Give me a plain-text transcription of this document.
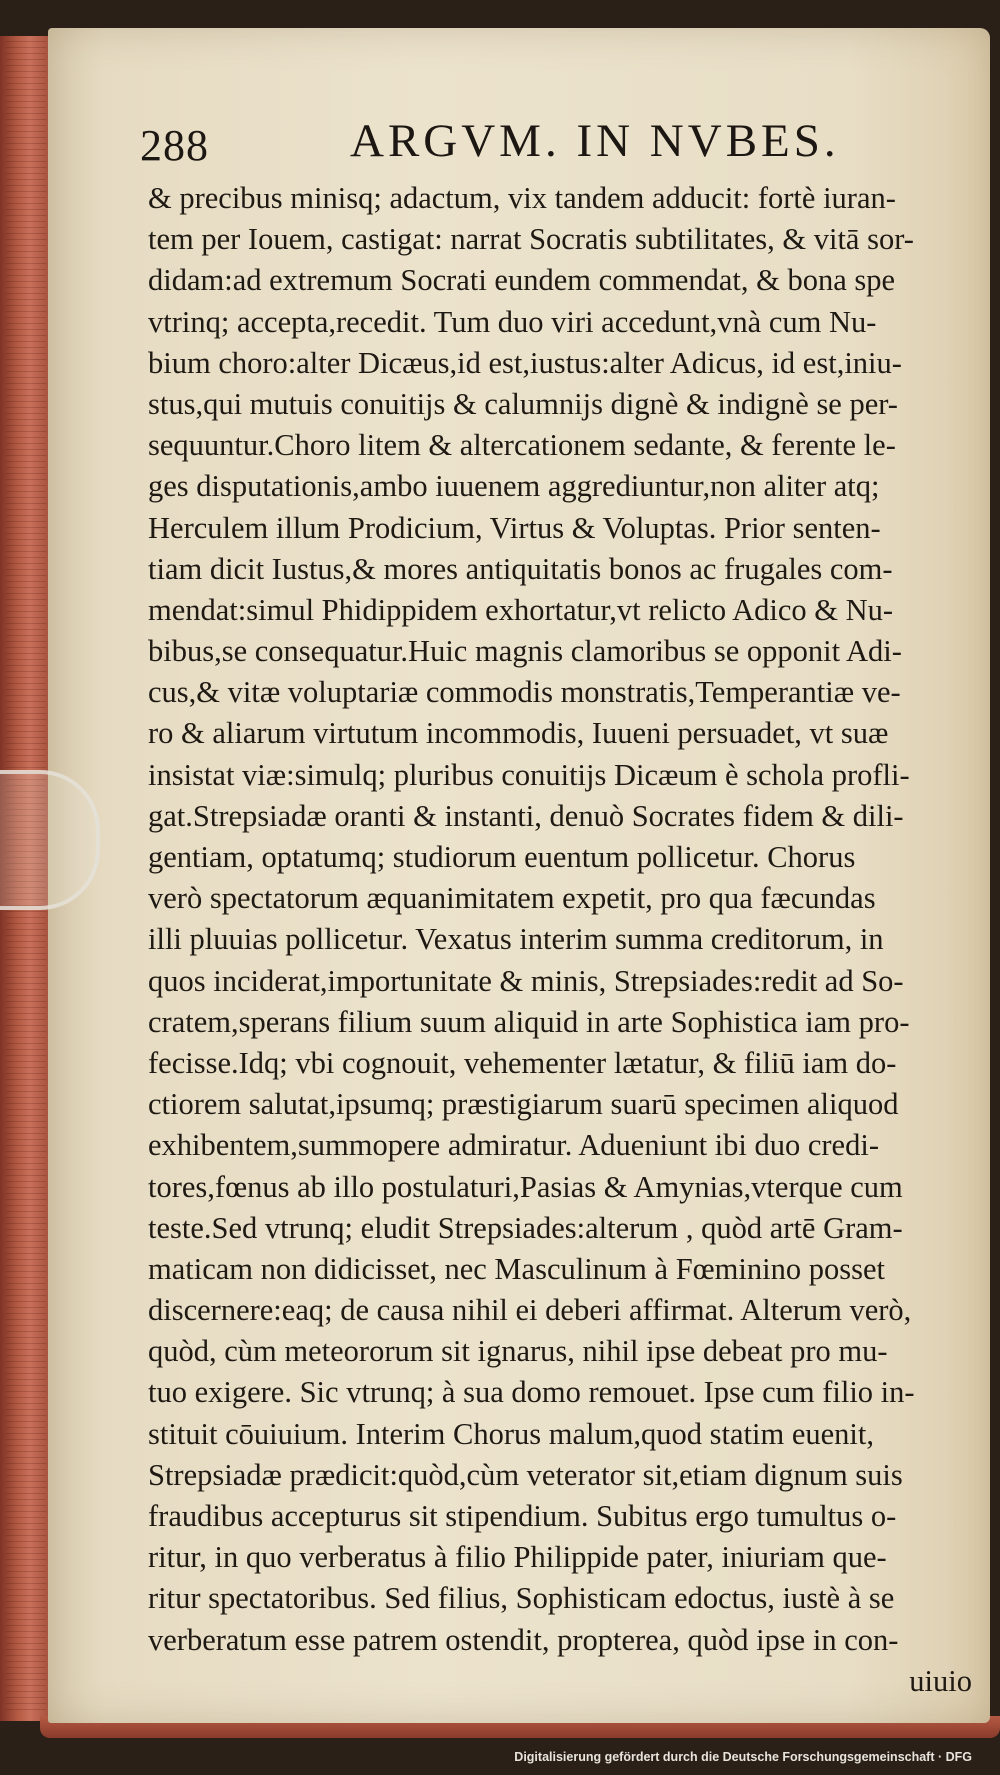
288	ARGVM. IN NVBES.
& precibus minisq; adactum, vix tandem adducit: fortè iuran-
tem per Iouem, castigat: narrat Socratis subtilitates, & vitā sor-
didam:ad extremum Socrati eundem commendat, & bona spe
vtrinq; accepta,recedit. Tum duo viri accedunt,vnà cum Nu-
bium choro:alter Dicæus,id est,iustus:alter Adicus, id est,iniu-
stus,qui mutuis conuitijs & calumnijs dignè & indignè se per-
sequuntur.Choro litem & altercationem sedante, & ferente le-
ges disputationis,ambo iuuenem aggrediuntur,non aliter atq;
Herculem illum Prodicium, Virtus & Voluptas. Prior senten-
tiam dicit Iustus,& mores antiquitatis bonos ac frugales com-
mendat:simul Phidippidem exhortatur,vt relicto Adico & Nu-
bibus,se consequatur.Huic magnis clamoribus se opponit Adi-
cus,& vitæ voluptariæ commodis monstratis,Temperantiæ ve-
ro & aliarum virtutum incommodis, Iuueni persuadet, vt suæ
insistat viæ:simulq; pluribus conuitijs Dicæum è schola profli-
gat.Strepsiadæ oranti & instanti, denuò Socrates fidem & dili-
gentiam, optatumq; studiorum euentum pollicetur. Chorus
verò spectatorum æquanimitatem expetit, pro qua fæcundas
illi pluuias pollicetur. Vexatus interim summa creditorum, in
quos inciderat,importunitate & minis, Strepsiades:redit ad So-
cratem,sperans filium suum aliquid in arte Sophistica iam pro-
fecisse.Idq; vbi cognouit, vehementer lætatur, & filiū iam do-
ctiorem salutat,ipsumq; præstigiarum suarū specimen aliquod
exhibentem,summopere admiratur. Adueniunt ibi duo credi-
tores,fœnus ab illo postulaturi,Pasias & Amynias,vterque cum
teste.Sed vtrunq; eludit Strepsiades:alterum , quòd artē Gram-
maticam non didicisset, nec Masculinum à Fœminino posset
discernere:eaq; de causa nihil ei deberi affirmat. Alterum verò,
quòd, cùm meteororum sit ignarus, nihil ipse debeat pro mu-
tuo exigere. Sic vtrunq; à sua domo remouet. Ipse cum filio in-
stituit cōuiuium. Interim Chorus malum,quod statim euenit,
Strepsiadæ prædicit:quòd,cùm veterator sit,etiam dignum suis
fraudibus accepturus sit stipendium. Subitus ergo tumultus o-
ritur, in quo verberatus à filio Philippide pater, iniuriam que-
ritur spectatoribus. Sed filius, Sophisticam edoctus, iustè à se
verberatum esse patrem ostendit, propterea, quòd ipse in con-
uiuio

Digitalisierung gefördert durch die Deutsche Forschungsgemeinschaft · DFG
